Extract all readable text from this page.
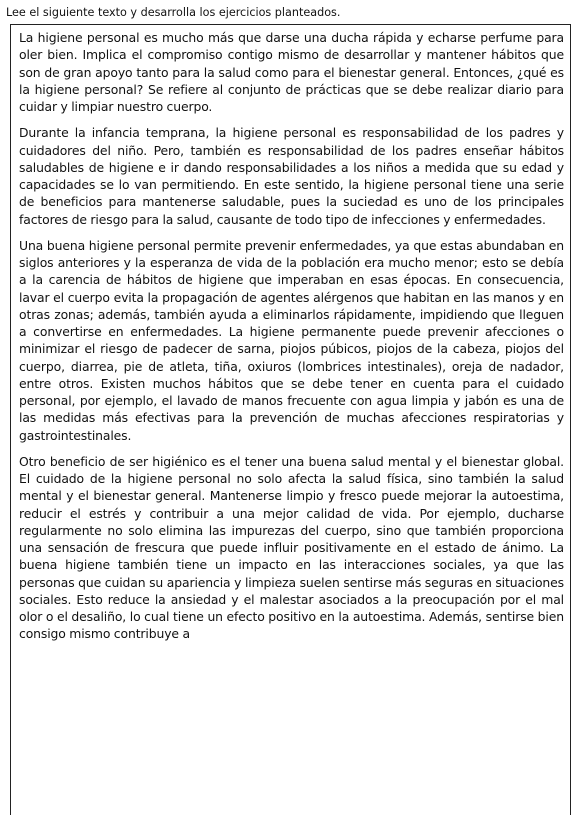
Lee el siguiente texto y desarrolla los ejercicios planteados.

La higiene personal es mucho más que darse una ducha rápida y echarse perfume para oler bien. Implica el compromiso contigo mismo de desarrollar y mantener hábitos que son de gran apoyo tanto para la salud como para el bienestar general. Entonces, ¿qué es la higiene personal? Se refiere al conjunto de prácticas que se debe realizar diario para cuidar y limpiar nuestro cuerpo.

Durante la infancia temprana, la higiene personal es responsabilidad de los padres y cuidadores del niño. Pero, también es responsabilidad de los padres enseñar hábitos saludables de higiene e ir dando responsabilidades a los niños a medida que su edad y capacidades se lo van permitiendo. En este sentido, la higiene personal tiene una serie de beneficios para mantenerse saludable, pues la suciedad es uno de los principales factores de riesgo para la salud, causante de todo tipo de infecciones y enfermedades.

Una buena higiene personal permite prevenir enfermedades, ya que estas abundaban en siglos anteriores y la esperanza de vida de la población era mucho menor; esto se debía a la carencia de hábitos de higiene que imperaban en esas épocas. En consecuencia, lavar el cuerpo evita la propagación de agentes alérgenos que habitan en las manos y en otras zonas; además, también ayuda a eliminarlos rápidamente, impidiendo que lleguen a convertirse en enfermedades. La higiene permanente puede prevenir afecciones o minimizar el riesgo de padecer de sarna, piojos púbicos, piojos de la cabeza, piojos del cuerpo, diarrea, pie de atleta, tiña, oxiuros (lombrices intestinales), oreja de nadador, entre otros. Existen muchos hábitos que se debe tener en cuenta para el cuidado personal, por ejemplo, el lavado de manos frecuente con agua limpia y jabón es una de las medidas más efectivas para la prevención de muchas afecciones respiratorias y gastrointestinales.

Otro beneficio de ser higiénico es el tener una buena salud mental y el bienestar global. El cuidado de la higiene personal no solo afecta la salud física, sino también la salud mental y el bienestar general. Mantenerse limpio y fresco puede mejorar la autoestima, reducir el estrés y contribuir a una mejor calidad de vida. Por ejemplo, ducharse regularmente no solo elimina las impurezas del cuerpo, sino que también proporciona una sensación de frescura que puede influir positivamente en el estado de ánimo. La buena higiene también tiene un impacto en las interacciones sociales, ya que las personas que cuidan su apariencia y limpieza suelen sentirse más seguras en situaciones sociales. Esto reduce la ansiedad y el malestar asociados a la preocupación por el mal olor o el desaliño, lo cual tiene un efecto positivo en la autoestima. Además, sentirse bien consigo mismo contribuye a
